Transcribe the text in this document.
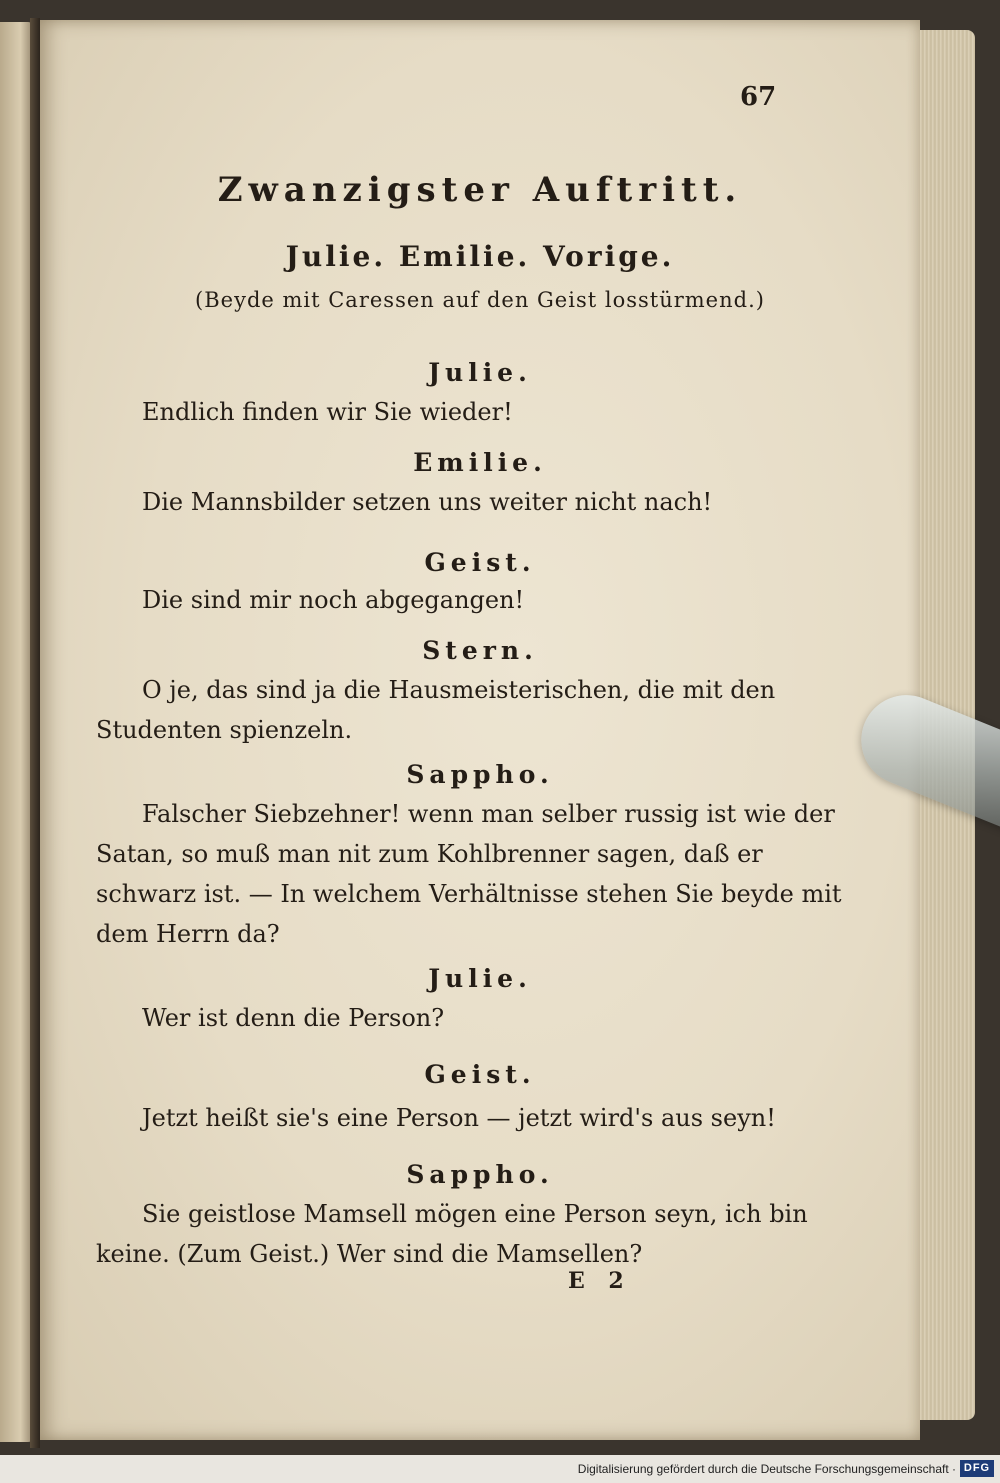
67
Zwanzigster Auftritt.
Julie. Emilie. Vorige.
(Beyde mit Caressen auf den Geist losstürmend.)
Julie.
Endlich finden wir Sie wieder!
Emilie.
Die Mannsbilder setzen uns weiter nicht nach!
Geist.
Die sind mir noch abgegangen!
Stern.
O je, das sind ja die Hausmeisterischen, die mit den
Studenten spienzeln.
Sappho.
Falscher Siebzehner! wenn man selber russig ist wie der
Satan, so muß man nit zum Kohlbrenner sagen, daß er
schwarz ist. — In welchem Verhältnisse stehen Sie beyde mit
dem Herrn da?
Julie.
Wer ist denn die Person?
Geist.
Jetzt heißt sie's eine Person — jetzt wird's aus seyn!
Sappho.
Sie geistlose Mamsell mögen eine Person seyn, ich bin
keine. (Zum Geist.) Wer sind die Mamsellen?
E 2
Digitalisierung gefördert durch die Deutsche Forschungsgemeinschaft · DFG
